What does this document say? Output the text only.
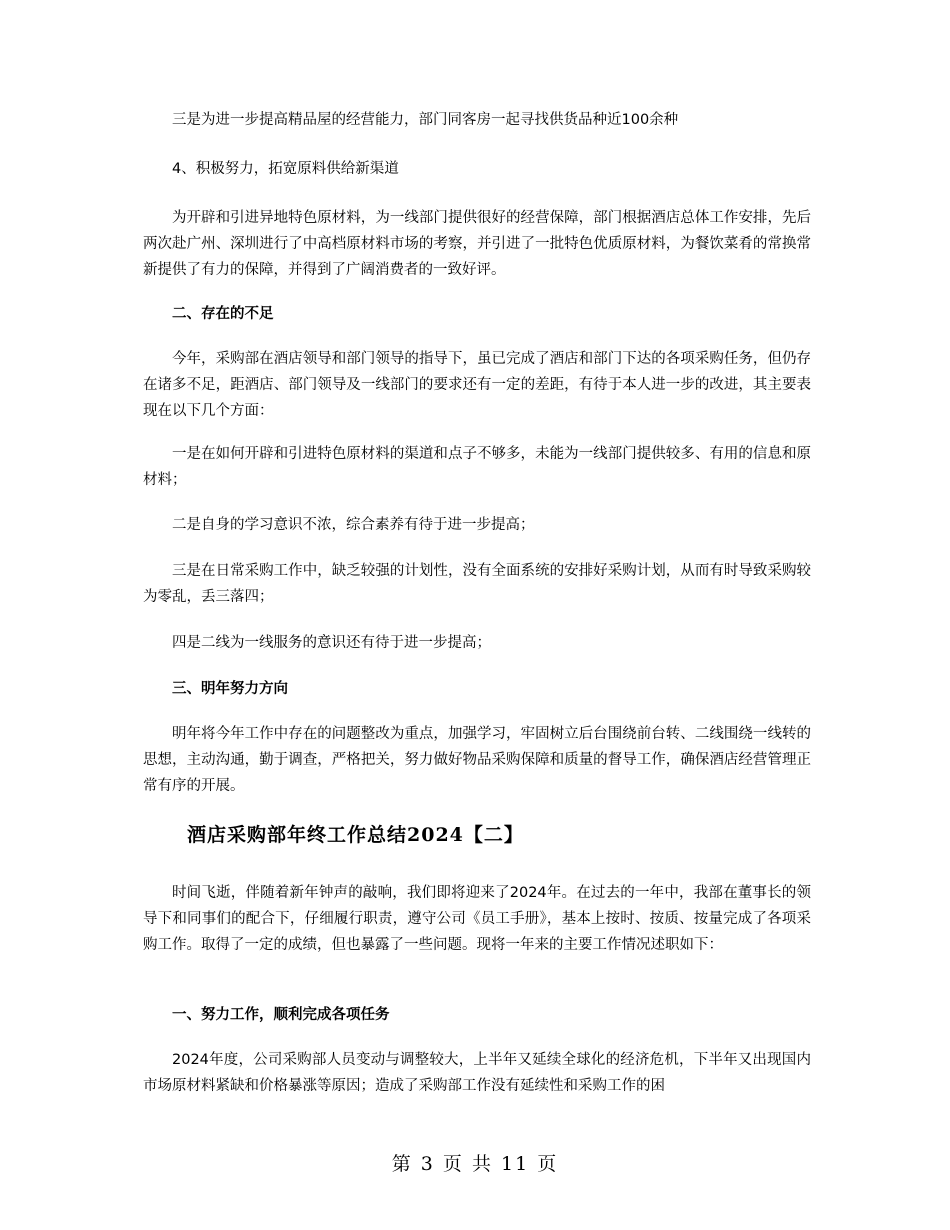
三是为进一步提高精品屋的经营能力，部门同客房一起寻找供货品种近100余种

4、积极努力，拓宽原料供给新渠道

为开辟和引进异地特色原材料，为一线部门提供很好的经营保障，部门根据酒店总体工作安排，先后两次赴广州、深圳进行了中高档原材料市场的考察，并引进了一批特色优质原材料，为餐饮菜肴的常换常新提供了有力的保障，并得到了广阔消费者的一致好评。

二、存在的不足

今年，采购部在酒店领导和部门领导的指导下，虽已完成了酒店和部门下达的各项采购任务，但仍存在诸多不足，距酒店、部门领导及一线部门的要求还有一定的差距，有待于本人进一步的改进，其主要表现在以下几个方面：

一是在如何开辟和引进特色原材料的渠道和点子不够多，未能为一线部门提供较多、有用的信息和原材料；

二是自身的学习意识不浓，综合素养有待于进一步提高；

三是在日常采购工作中，缺乏较强的计划性，没有全面系统的安排好采购计划，从而有时导致采购较为零乱，丢三落四；

四是二线为一线服务的意识还有待于进一步提高；

三、明年努力方向

明年将今年工作中存在的问题整改为重点，加强学习，牢固树立后台围绕前台转、二线围绕一线转的思想，主动沟通，勤于调查，严格把关，努力做好物品采购保障和质量的督导工作，确保酒店经营管理正常有序的开展。

酒店采购部年终工作总结2024【二】

时间飞逝，伴随着新年钟声的敲响，我们即将迎来了2024年。在过去的一年中，我部在董事长的领导下和同事们的配合下，仔细履行职责，遵守公司《员工手册》，基本上按时、按质、按量完成了各项采购工作。取得了一定的成绩，但也暴露了一些问题。现将一年来的主要工作情况述职如下：

一、努力工作，顺利完成各项任务

2024年度，公司采购部人员变动与调整较大，上半年又延续全球化的经济危机，下半年又出现国内市场原材料紧缺和价格暴涨等原因；造成了采购部工作没有延续性和采购工作的困

第 3 页 共 11 页
